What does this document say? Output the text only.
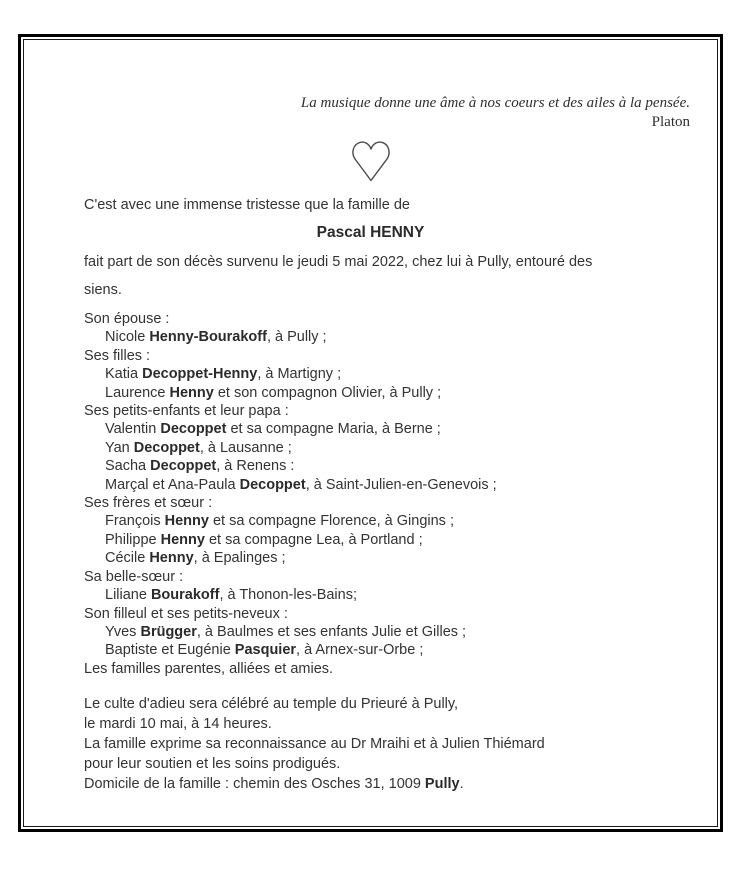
La musique donne une âme à nos coeurs et des ailes à la pensée.
Platon
C'est avec une immense tristesse que la famille de
Pascal HENNY
fait part de son décès survenu le jeudi 5 mai 2022, chez lui à Pully, entouré des
siens.
Son épouse :
Nicole Henny-Bourakoff, à Pully ;
Ses filles :
Katia Decoppet-Henny, à Martigny ;
Laurence Henny et son compagnon Olivier, à Pully ;
Ses petits-enfants et leur papa :
Valentin Decoppet et sa compagne Maria, à Berne ;
Yan Decoppet, à Lausanne ;
Sacha Decoppet, à Renens :
Marçal et Ana-Paula Decoppet, à Saint-Julien-en-Genevois ;
Ses frères et sœur :
François Henny et sa compagne Florence, à Gingins ;
Philippe Henny et sa compagne Lea, à Portland ;
Cécile Henny, à Epalinges ;
Sa belle-sœur :
Liliane Bourakoff, à Thonon-les-Bains;
Son filleul et ses petits-neveux :
Yves Brügger, à Baulmes et ses enfants Julie et Gilles ;
Baptiste et Eugénie Pasquier, à Arnex-sur-Orbe ;
Les familles parentes, alliées et amies.
Le culte d'adieu sera célébré au temple du Prieuré à Pully,
le mardi 10 mai, à 14 heures.
La famille exprime sa reconnaissance au Dr Mraihi et à Julien Thiémard
pour leur soutien et les soins prodigués.
Domicile de la famille : chemin des Osches 31, 1009 Pully.
